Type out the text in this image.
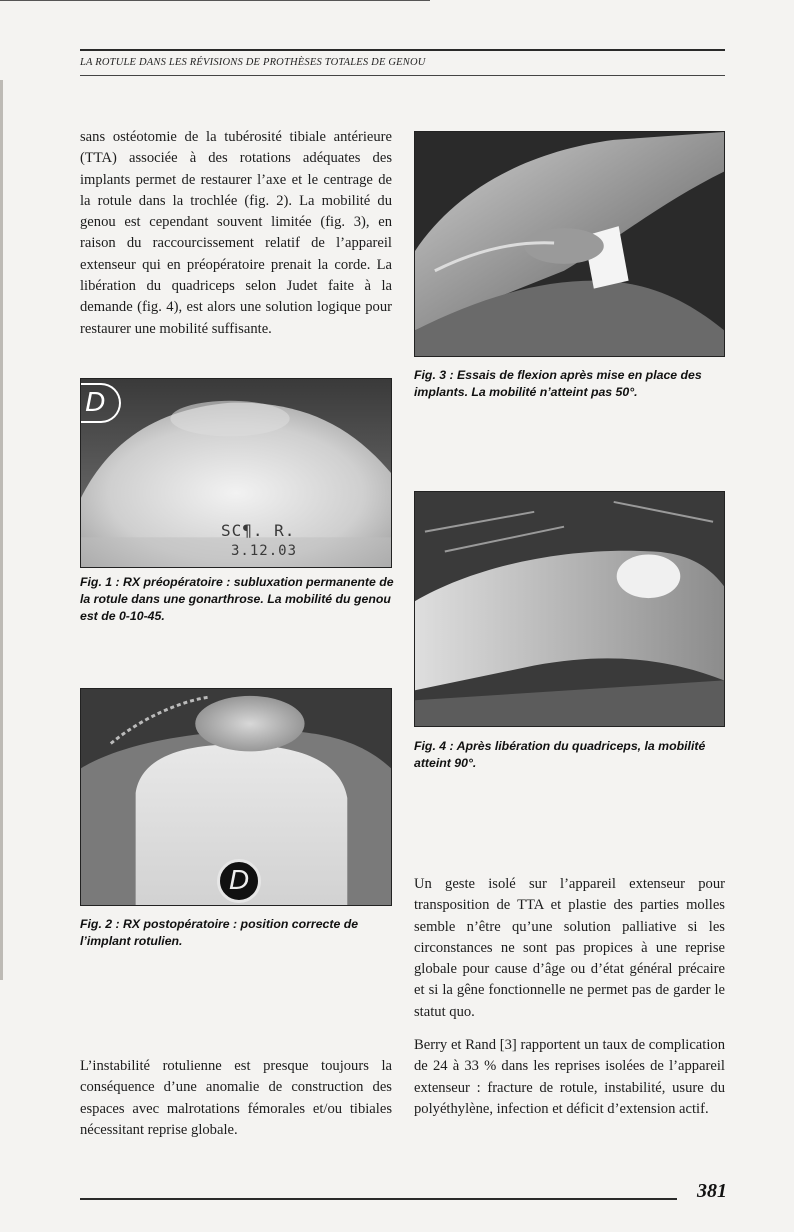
LA ROTULE DANS LES RÉVISIONS DE PROTHÈSES TOTALES DE GENOU

sans ostéotomie de la tubérosité tibiale antérieure (TTA) associée à des rotations adéquates des implants permet de restaurer l’axe et le centrage de la rotule dans la trochlée (fig. 2). La mobilité du genou est cependant souvent limitée (fig. 3), en raison du raccourcissement relatif de l’appareil extenseur qui en préopératoire prenait la corde. La libération du quadriceps selon Judet faite à la demande (fig. 4), est alors une solution logique pour restaurer une mobilité suffisante.

D
SC¶. R.
3.12.03

Fig. 1 : RX préopératoire : subluxation permanente de la rotule dans une gonarthrose. La mobilité du genou est de 0-10-45.

D

Fig. 2 : RX postopératoire : position correcte de l’implant rotulien.

L’instabilité rotulienne est presque toujours la conséquence d’une anomalie de construction des espaces avec malrotations fémorales et/ou tibiales nécessitant reprise globale.

Fig. 3 : Essais de flexion après mise en place des implants. La mobilité n’atteint pas 50°.

Fig. 4 : Après libération du quadriceps, la mobilité atteint 90°.

Un geste isolé sur l’appareil extenseur pour transposition de TTA et plastie des parties molles semble n’être qu’une solution palliative si les circonstances ne sont pas propices à une reprise globale pour cause d’âge ou d’état général précaire et si la gêne fonctionnelle ne permet pas de garder le statut quo.

Berry et Rand [3] rapportent un taux de complication de 24 à 33 % dans les reprises isolées de l’appareil extenseur : fracture de rotule, instabilité, usure du polyéthylène, infection et déficit d’extension actif.

381
